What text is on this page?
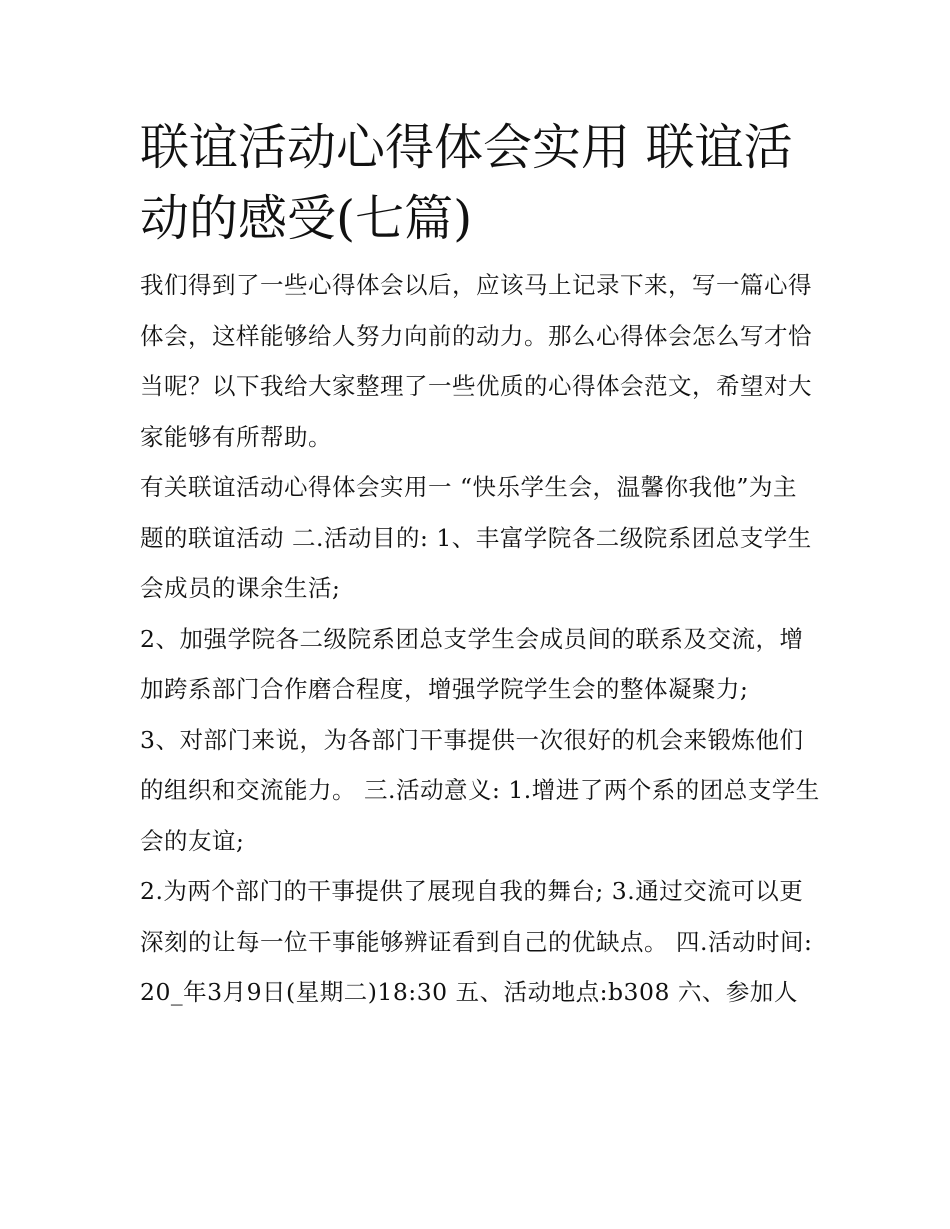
联谊活动心得体会实用 联谊活动的感受(七篇)

我们得到了一些心得体会以后，应该马上记录下来，写一篇心得体会，这样能够给人努力向前的动力。那么心得体会怎么写才恰当呢？以下我给大家整理了一些优质的心得体会范文，希望对大家能够有所帮助。

有关联谊活动心得体会实用一 “快乐学生会，温馨你我他”为主题的联谊活动 二.活动目的: 1、丰富学院各二级院系团总支学生会成员的课余生活;

2、加强学院各二级院系团总支学生会成员间的联系及交流，增加跨系部门合作磨合程度，增强学院学生会的整体凝聚力;

3、对部门来说，为各部门干事提供一次很好的机会来锻炼他们的组织和交流能力。 三.活动意义: 1.增进了两个系的团总支学生会的友谊;

2.为两个部门的干事提供了展现自我的舞台; 3.通过交流可以更深刻的让每一位干事能够辨证看到自己的优缺点。 四.活动时间:

20_年3月9日(星期二)18:30 五、活动地点:b308 六、参加人
